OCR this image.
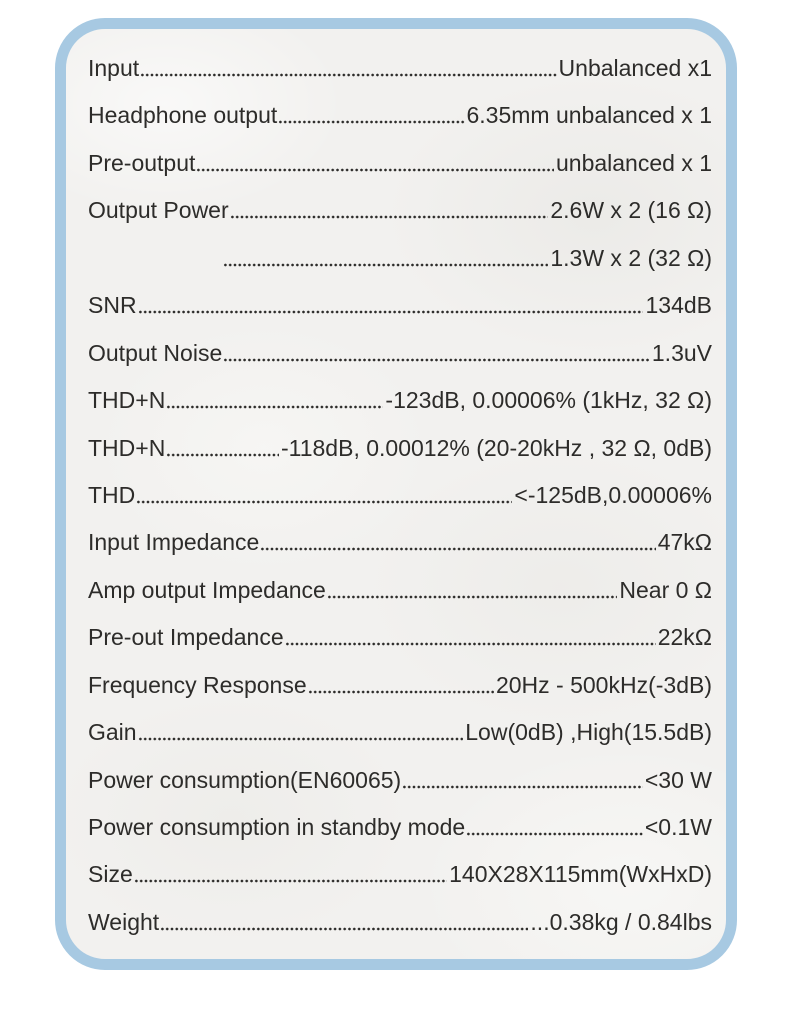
Input	Unbalanced x1
Headphone output	6.35mm unbalanced x 1
Pre-output	unbalanced x 1
Output Power	2.6W x 2 (16 Ω)
1.3W x 2 (32 Ω)
SNR	134dB
Output Noise	1.3uV
THD+N	-123dB, 0.00006% (1kHz, 32 Ω)
THD+N	-118dB, 0.00012% (20-20kHz , 32 Ω, 0dB)
THD	<-125dB,0.00006%
Input Impedance	47kΩ
Amp output Impedance	Near 0 Ω
Pre-out Impedance	22kΩ
Frequency Response	20Hz - 500kHz(-3dB)
Gain	Low(0dB) ,High(15.5dB)
Power consumption(EN60065)	<30 W
Power consumption in standby mode	<0.1W
Size	140X28X115mm(WxHxD)
Weight	...0.38kg / 0.84lbs
